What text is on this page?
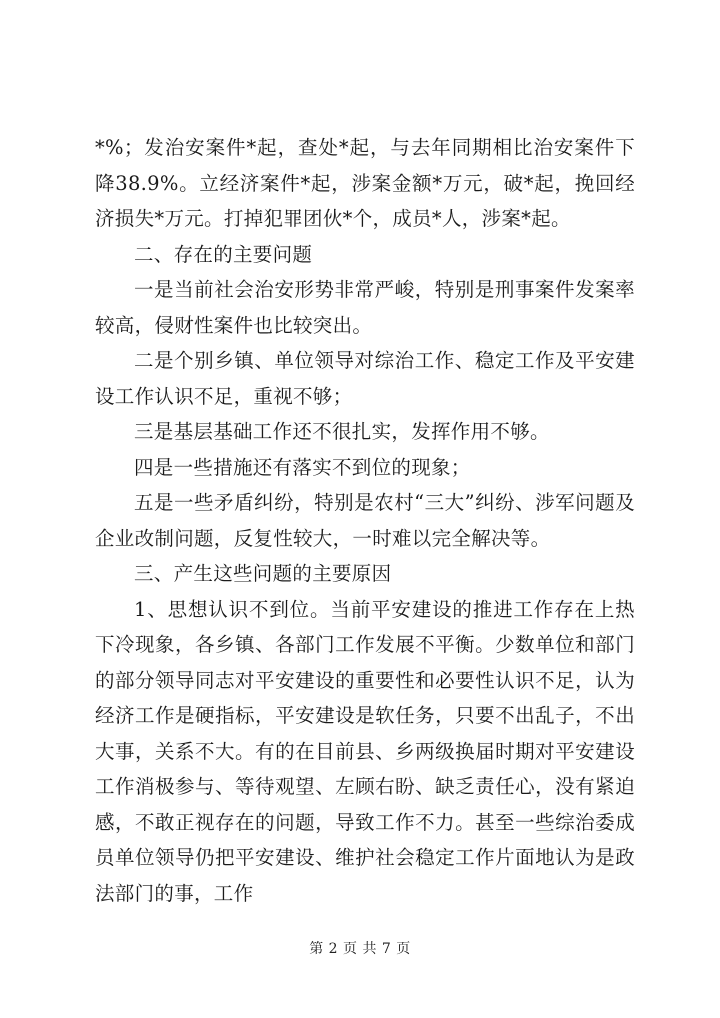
*%；发治安案件*起，查处*起，与去年同期相比治安案件下降38.9%。立经济案件*起，涉案金额*万元，破*起，挽回经济损失*万元。打掉犯罪团伙*个，成员*人，涉案*起。

二、存在的主要问题

一是当前社会治安形势非常严峻，特别是刑事案件发案率较高，侵财性案件也比较突出。

二是个别乡镇、单位领导对综治工作、稳定工作及平安建设工作认识不足，重视不够；

三是基层基础工作还不很扎实，发挥作用不够。

四是一些措施还有落实不到位的现象；

五是一些矛盾纠纷，特别是农村“三大”纠纷、涉军问题及企业改制问题，反复性较大，一时难以完全解决等。

三、产生这些问题的主要原因

1、思想认识不到位。当前平安建设的推进工作存在上热下冷现象，各乡镇、各部门工作发展不平衡。少数单位和部门的部分领导同志对平安建设的重要性和必要性认识不足，认为经济工作是硬指标，平安建设是软任务，只要不出乱子，不出大事，关系不大。有的在目前县、乡两级换届时期对平安建设工作消极参与、等待观望、左顾右盼、缺乏责任心，没有紧迫感，不敢正视存在的问题，导致工作不力。甚至一些综治委成员单位领导仍把平安建设、维护社会稳定工作片面地认为是政法部门的事，工作

第 2 页 共 7 页
